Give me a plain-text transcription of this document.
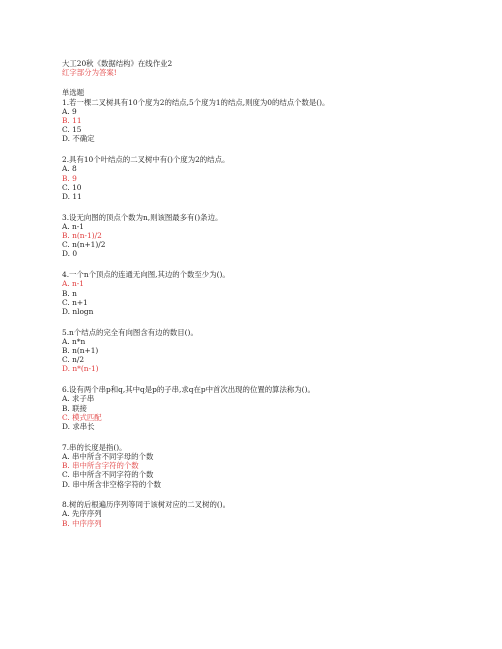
大工20秋《数据结构》在线作业2
红字部分为答案!
单选题
1.若一棵二叉树具有10个度为2的结点,5个度为1的结点,则度为0的结点个数是()。
A. 9
B. 11
C. 15
D. 不确定
2.具有10个叶结点的二叉树中有()个度为2的结点。
A. 8
B. 9
C. 10
D. 11
3.设无向图的顶点个数为n,则该图最多有()条边。
A. n-1
B. n(n-1)/2
C. n(n+1)/2
D. 0
4.一个n个顶点的连通无向图,其边的个数至少为()。
A. n-1
B. n
C. n+1
D. nlogn
5.n个结点的完全有向图含有边的数目()。
A. n*n
B. n(n+1)
C. n/2
D. n*(n-1)
6.设有两个串p和q,其中q是p的子串,求q在p中首次出现的位置的算法称为()。
A. 求子串
B. 联接
C. 模式匹配
D. 求串长
7.串的长度是指()。
A. 串中所含不同字母的个数
B. 串中所含字符的个数
C. 串中所含不同字符的个数
D. 串中所含非空格字符的个数
8.树的后根遍历序列等同于该树对应的二叉树的()。
A. 先序序列
B. 中序序列
